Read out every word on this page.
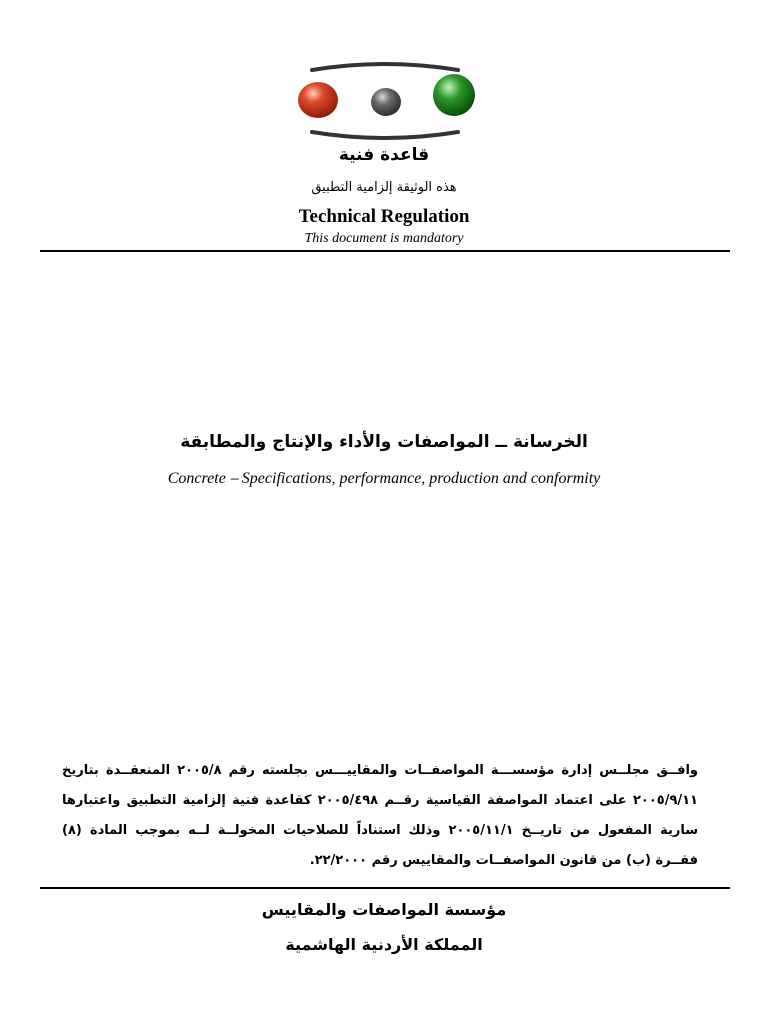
قاعدة فنية
هذه الوثيقة إلزامية التطبيق
Technical Regulation
This document is mandatory
الخرسانة ــ المواصفات والأداء والإنتاج والمطابقة
Concrete ⎯ Specifications, performance, production and conformity
وافــق مجلــس إدارة مؤسســـة المواصفــات والمقاييـــس بجلسته رقم ٢٠٠٥/٨ المنعقــدة بتاريخ ٢٠٠٥/٩/١١ على اعتماد المواصفة القياسية رقــم ٢٠٠٥/٤٩٨ كقاعدة فنية إلزامية التطبيق واعتبارها سارية المفعول من تاريــخ ٢٠٠٥/١١/١ وذلك استناداً للصلاحيات المخولــة لــه بموجب المادة (٨) فقــرة (ب) من قانون المواصفــات والمقاييس رقم ٢٢/٢٠٠٠.
مؤسسة المواصفات والمقاييس
المملكة الأردنية الهاشمية
